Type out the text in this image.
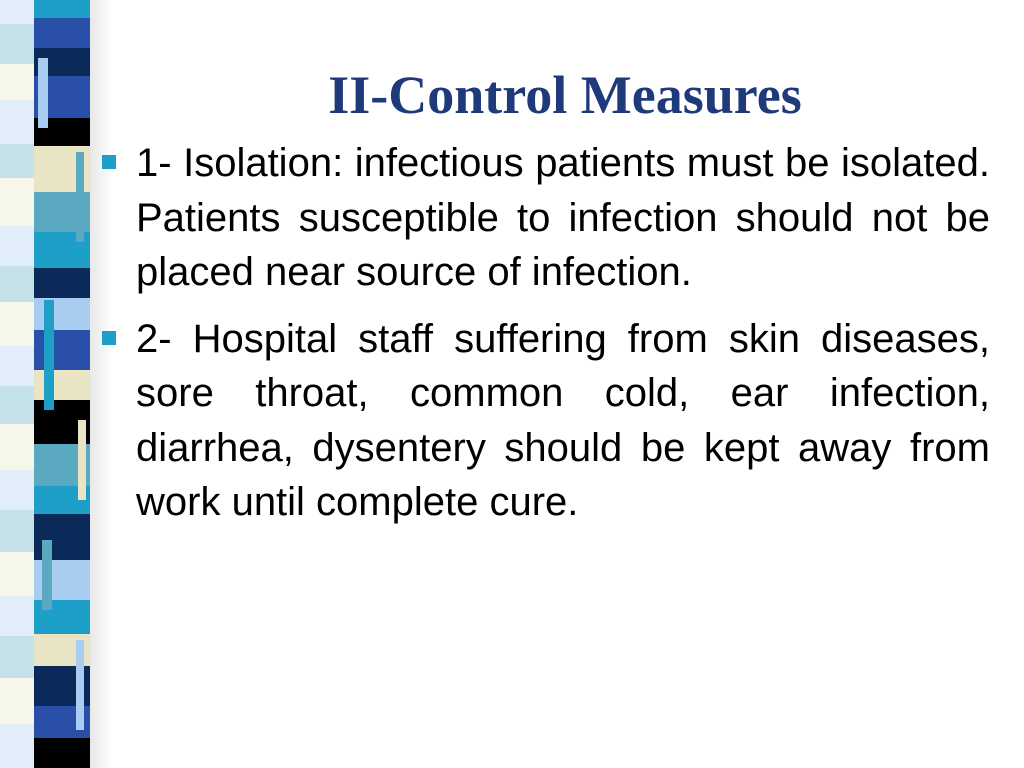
II-Control Measures
1- Isolation: infectious patients must be isolated. Patients susceptible to infection should not be placed near source of infection.
2- Hospital staff suffering from skin diseases, sore throat, common cold, ear infection, diarrhea, dysentery should be kept away from work until complete cure.
